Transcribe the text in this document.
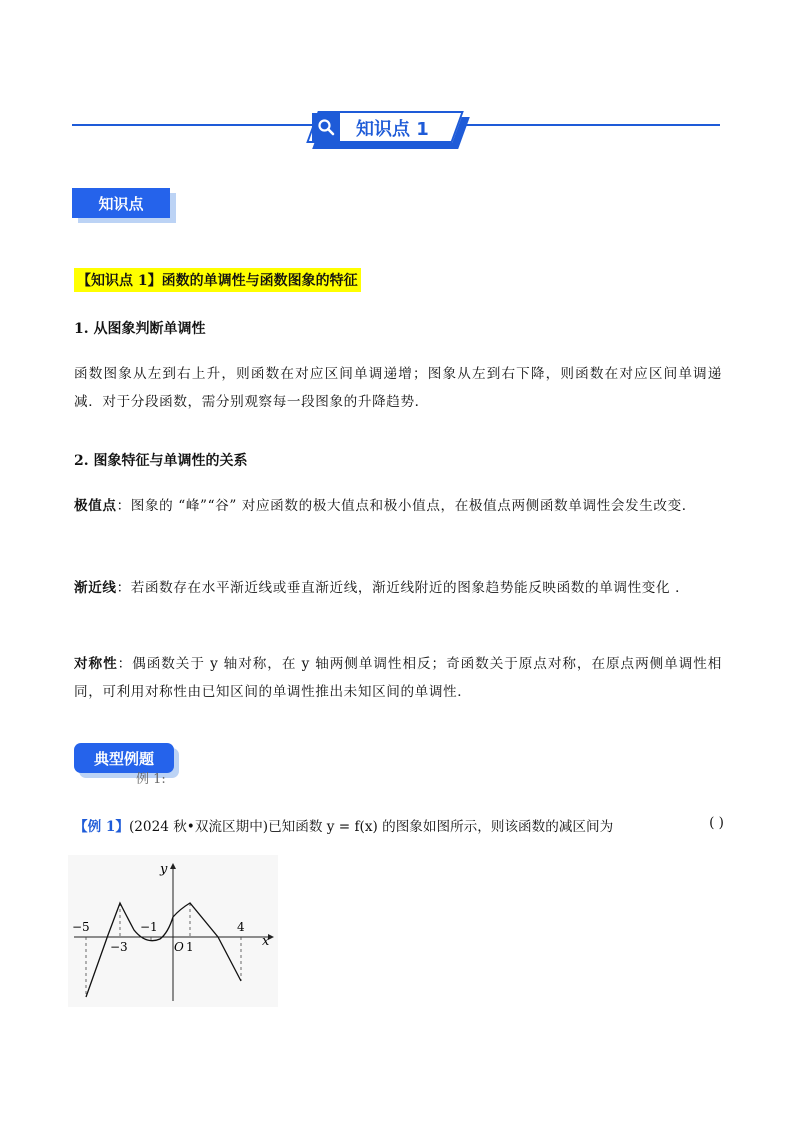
知识点 1
知识点
【知识点 1】函数的单调性与函数图象的特征
1. 从图象判断单调性
函数图象从左到右上升，则函数在对应区间单调递增；图象从左到右下降，则函数在对应区间单调递减．对于分段函数，需分别观察每一段图象的升降趋势．
2. 图象特征与单调性的关系
极值点：图象的 “峰”“谷” 对应函数的极大值点和极小值点，在极值点两侧函数单调性会发生改变．
渐近线：若函数存在水平渐近线或垂直渐近线，渐近线附近的图象趋势能反映函数的单调性变化 ．
对称性：偶函数关于 y 轴对称，在 y 轴两侧单调性相反；奇函数关于原点对称，在原点两侧单调性相同，可利用对称性由已知区间的单调性推出未知区间的单调性．
典型例题
例 1:
【例 1】(2024 秋•双流区期中)已知函数 y = f(x) 的图象如图所示，则该函数的减区间为	( )
y
x
−5
−3
−1
O 1
4
